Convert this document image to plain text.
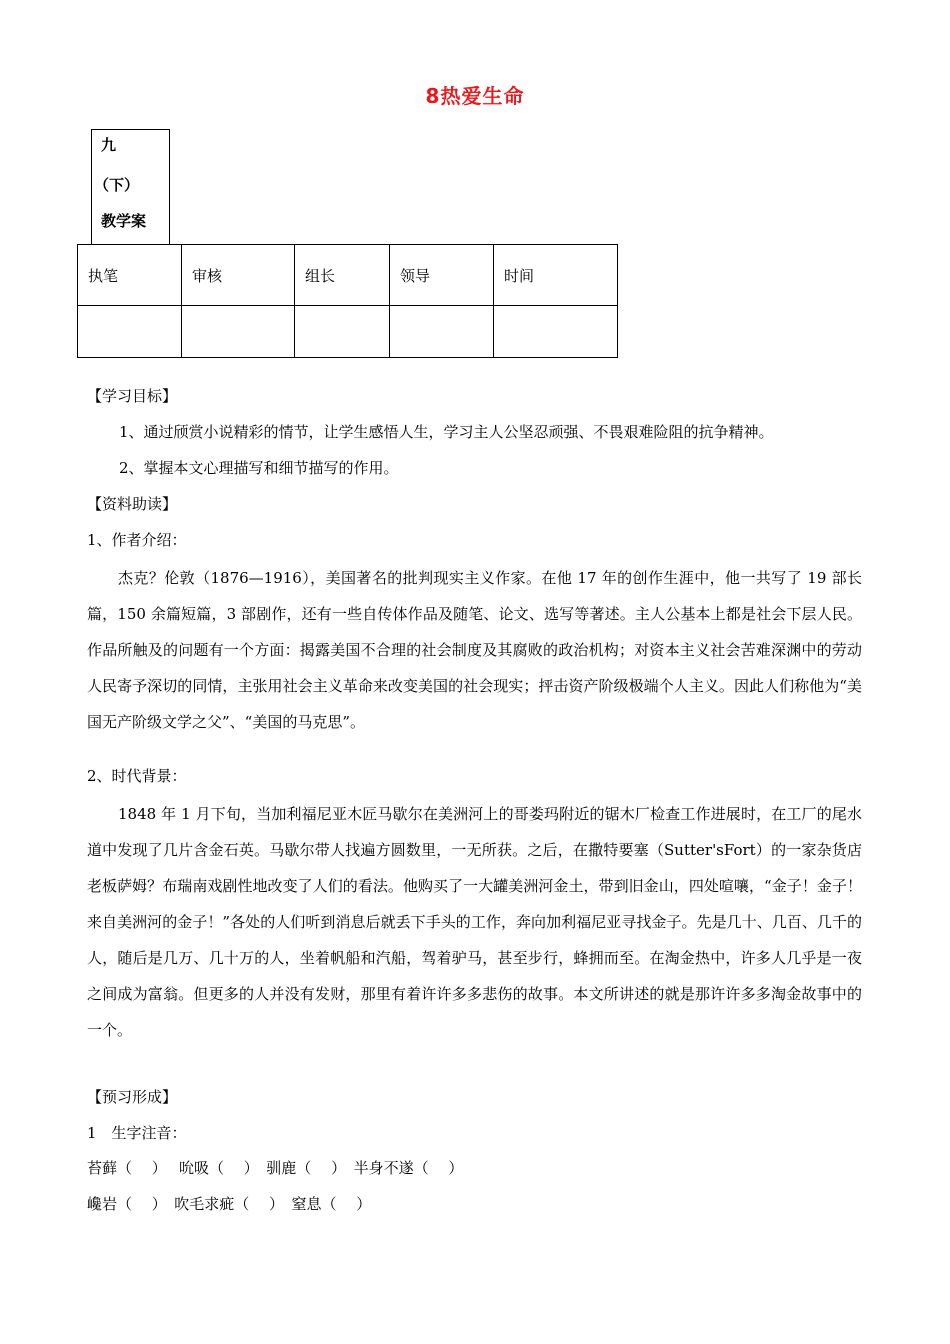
8热爱生命
九
（下）
教学案
执笔	审核	组长	领导	时间

【学习目标】
1、通过颀赏小说精彩的情节，让学生感悟人生，学习主人公坚忍顽强、不畏艰难险阻的抗争精神。
2、掌握本文心理描写和细节描写的作用。
【资料助读】
1、作者介绍：
杰克？伦敦（1876—1916），美国著名的批判现实主义作家。在他 17 年的创作生涯中，他一共写了 19 部长篇，150 余篇短篇，3 部剧作，还有一些自传体作品及随笔、论文、选写等著述。主人公基本上都是社会下层人民。作品所触及的问题有一个方面：揭露美国不合理的社会制度及其腐败的政治机构；对资本主义社会苦难深渊中的劳动人民寄予深切的同情，主张用社会主义革命来改变美国的社会现实；抨击资产阶级极端个人主义。因此人们称他为“美国无产阶级文学之父”、“美国的马克思”。
2、时代背景：
1848 年 1 月下旬，当加利福尼亚木匠马歇尔在美洲河上的哥娄玛附近的锯木厂检查工作进展时，在工厂的尾水道中发现了几片含金石英。马歇尔带人找遍方圆数里，一无所获。之后，在撒特要塞（Sutter'sFort）的一家杂货店老板萨姆？布瑞南戏剧性地改变了人们的看法。他购买了一大罐美洲河金土，带到旧金山，四处喧嚷，“金子！金子！来自美洲河的金子！”各处的人们听到消息后就丢下手头的工作，奔向加利福尼亚寻找金子。先是几十、几百、几千的人，随后是几万、几十万的人，坐着帆船和汽船，驾着驴马，甚至步行，蜂拥而至。在淘金热中，许多人几乎是一夜之间成为富翁。但更多的人并没有发财，那里有着许许多多悲伤的故事。本文所讲述的就是那许许多多淘金故事中的一个。
【预习形成】
1　生字注音：
苔藓（　 ）　 吮吸（　 ）　驯鹿（　 ）　半身不遂（　 ）
巉岩（　 ）　吹毛求疵（　 ）　窒息（　 ）
